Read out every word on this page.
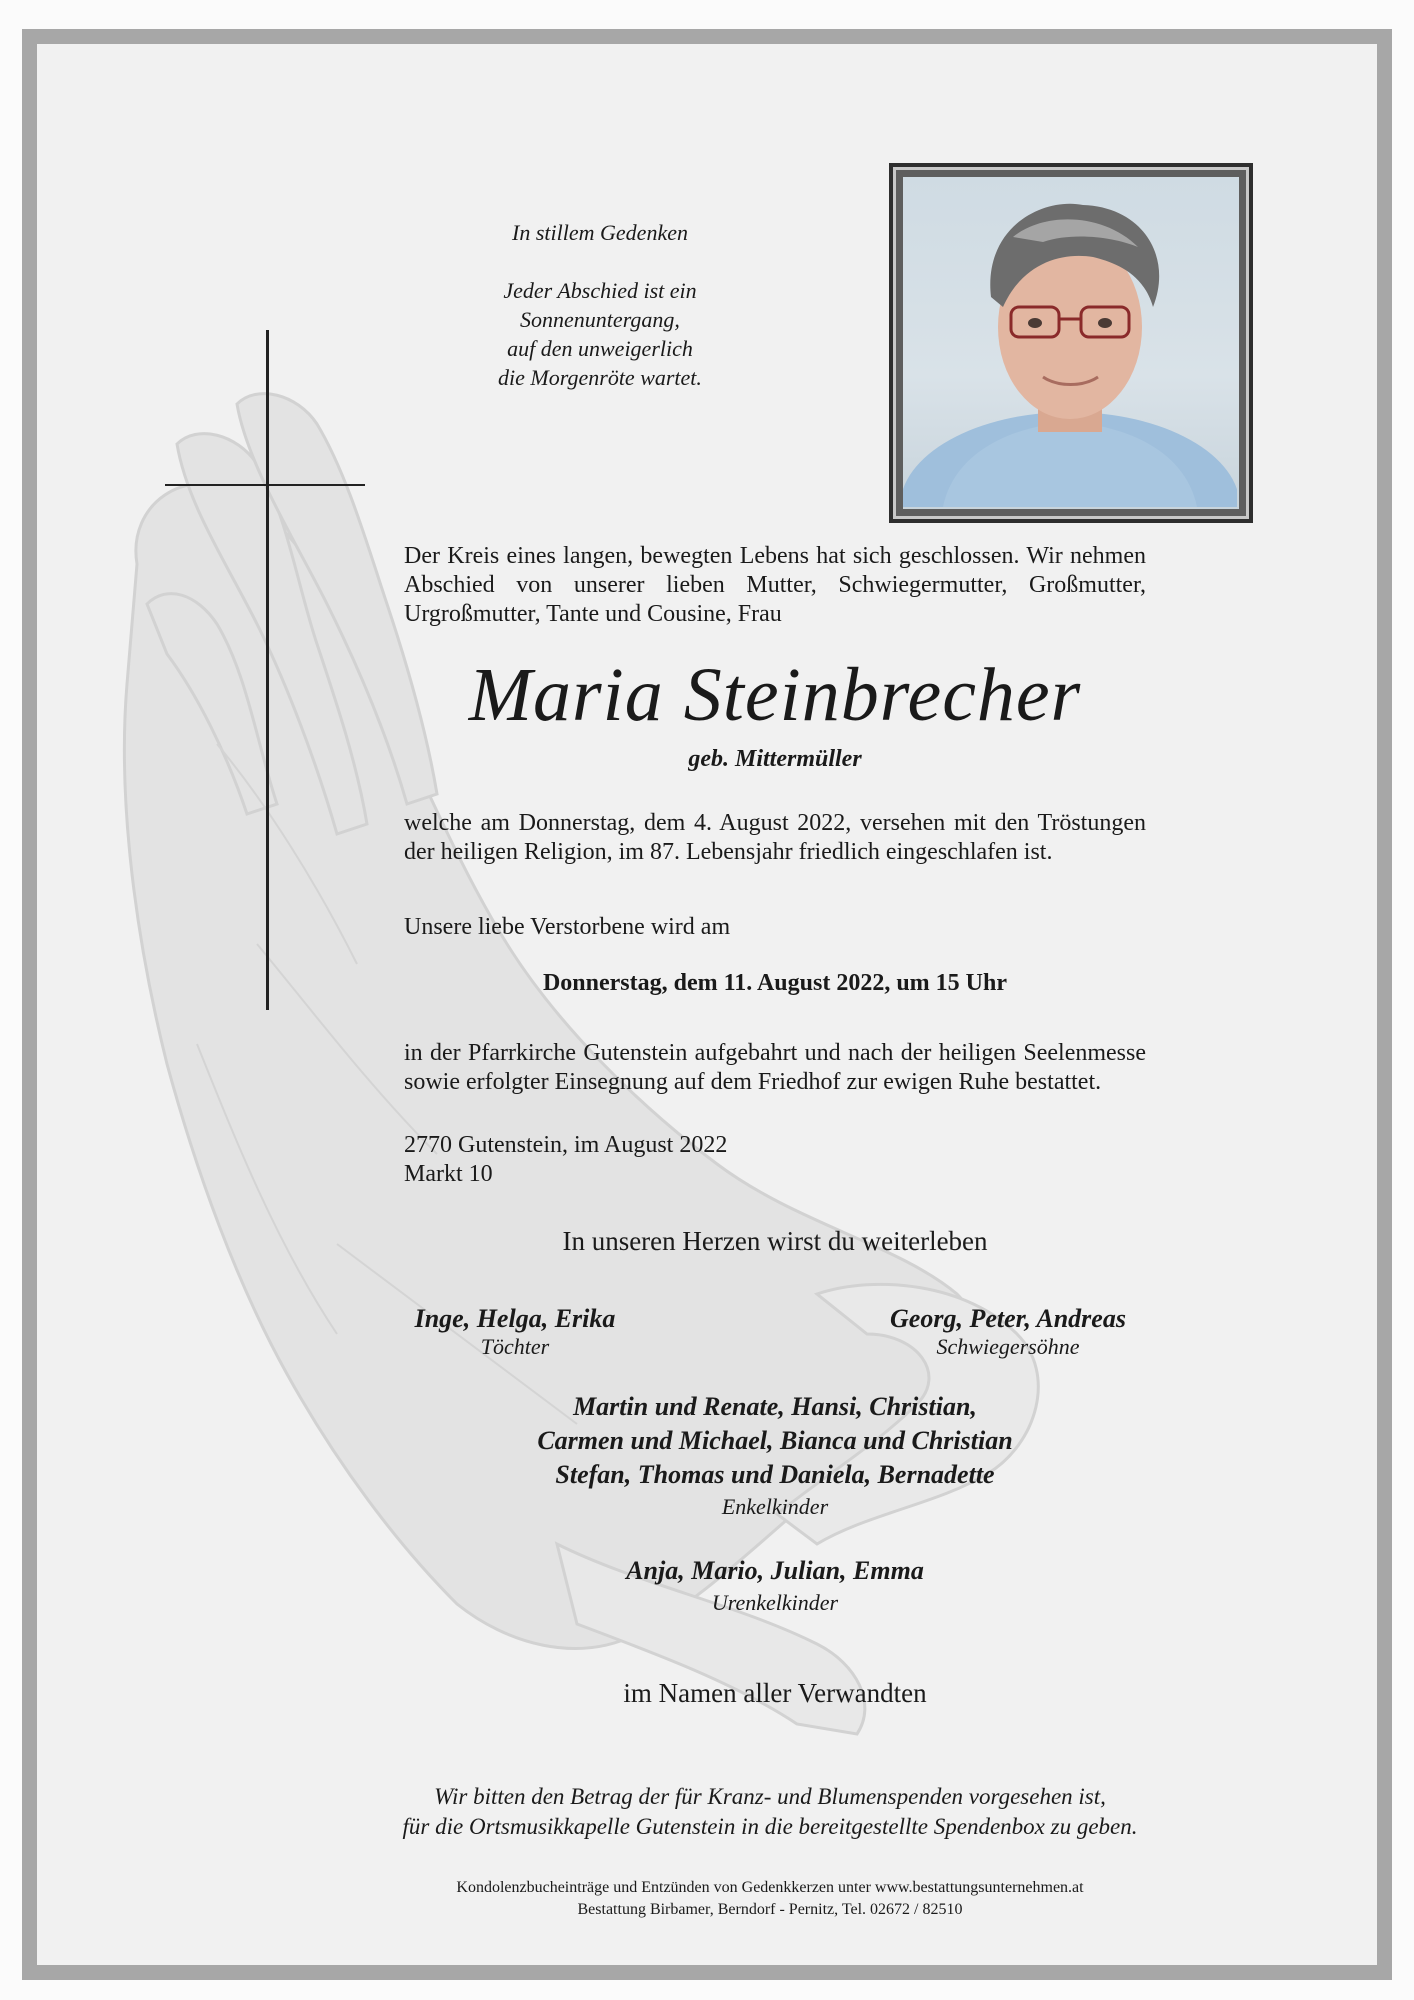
In stillem Gedenken
Jeder Abschied ist ein
Sonnenuntergang,
auf den unweigerlich
die Morgenröte wartet.
Der Kreis eines langen, bewegten Lebens hat sich geschlossen. Wir nehmen Abschied von unserer lieben Mutter, Schwiegermutter, Großmutter, Urgroßmutter, Tante und Cousine, Frau
Maria Steinbrecher
geb. Mittermüller
welche am Donnerstag, dem 4. August 2022, versehen mit den Tröstungen der heiligen Religion, im 87. Lebensjahr friedlich eingeschlafen ist.
Unsere liebe Verstorbene wird am
Donnerstag, dem 11. August 2022, um 15 Uhr
in der Pfarrkirche Gutenstein aufgebahrt und nach der heiligen Seelenmesse sowie erfolgter Einsegnung auf dem Friedhof zur ewigen Ruhe bestattet.
2770 Gutenstein, im August 2022
Markt 10
In unseren Herzen wirst du weiterleben
Inge, Helga, Erika
Töchter
Georg, Peter, Andreas
Schwiegersöhne
Martin und Renate, Hansi, Christian,
Carmen und Michael, Bianca und Christian
Stefan, Thomas und Daniela, Bernadette
Enkelkinder
Anja, Mario, Julian, Emma
Urenkelkinder
im Namen aller Verwandten
Wir bitten den Betrag der für Kranz- und Blumenspenden vorgesehen ist,
für die Ortsmusikkapelle Gutenstein in die bereitgestellte Spendenbox zu geben.
Kondolenzbucheinträge und Entzünden von Gedenkkerzen unter www.bestattungsunternehmen.at
Bestattung Birbamer, Berndorf - Pernitz, Tel. 02672 / 82510
